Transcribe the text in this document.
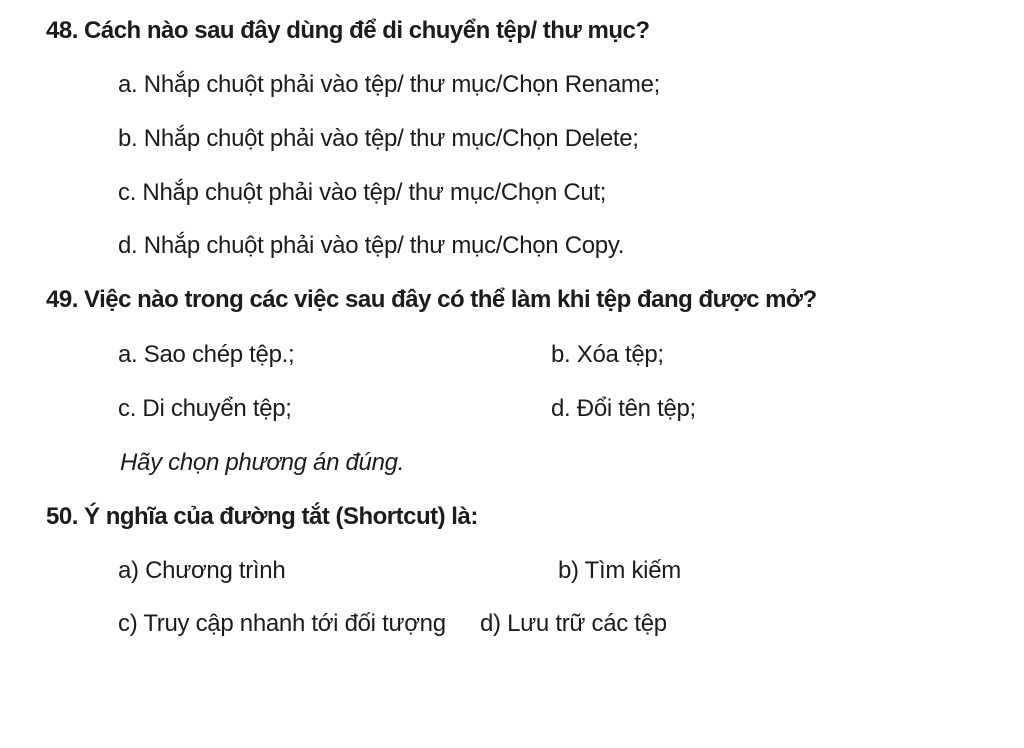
48. Cách nào sau đây dùng để di chuyển tệp/ thư mục?
a. Nhắp chuột phải vào tệp/ thư mục/Chọn Rename;
b. Nhắp chuột phải vào tệp/ thư mục/Chọn Delete;
c. Nhắp chuột phải vào tệp/ thư mục/Chọn Cut;
d. Nhắp chuột phải vào tệp/ thư mục/Chọn Copy.
49. Việc nào trong các việc sau đây có thể làm khi tệp đang được mở?
a. Sao chép tệp.;	b. Xóa tệp;
c. Di chuyển tệp;	d. Đổi tên tệp;
Hãy chọn phương án đúng.
50. Ý nghĩa của đường tắt (Shortcut) là:
a) Chương trình	b) Tìm kiếm
c) Truy cập nhanh tới đối tượng d) Lưu trữ các tệp
